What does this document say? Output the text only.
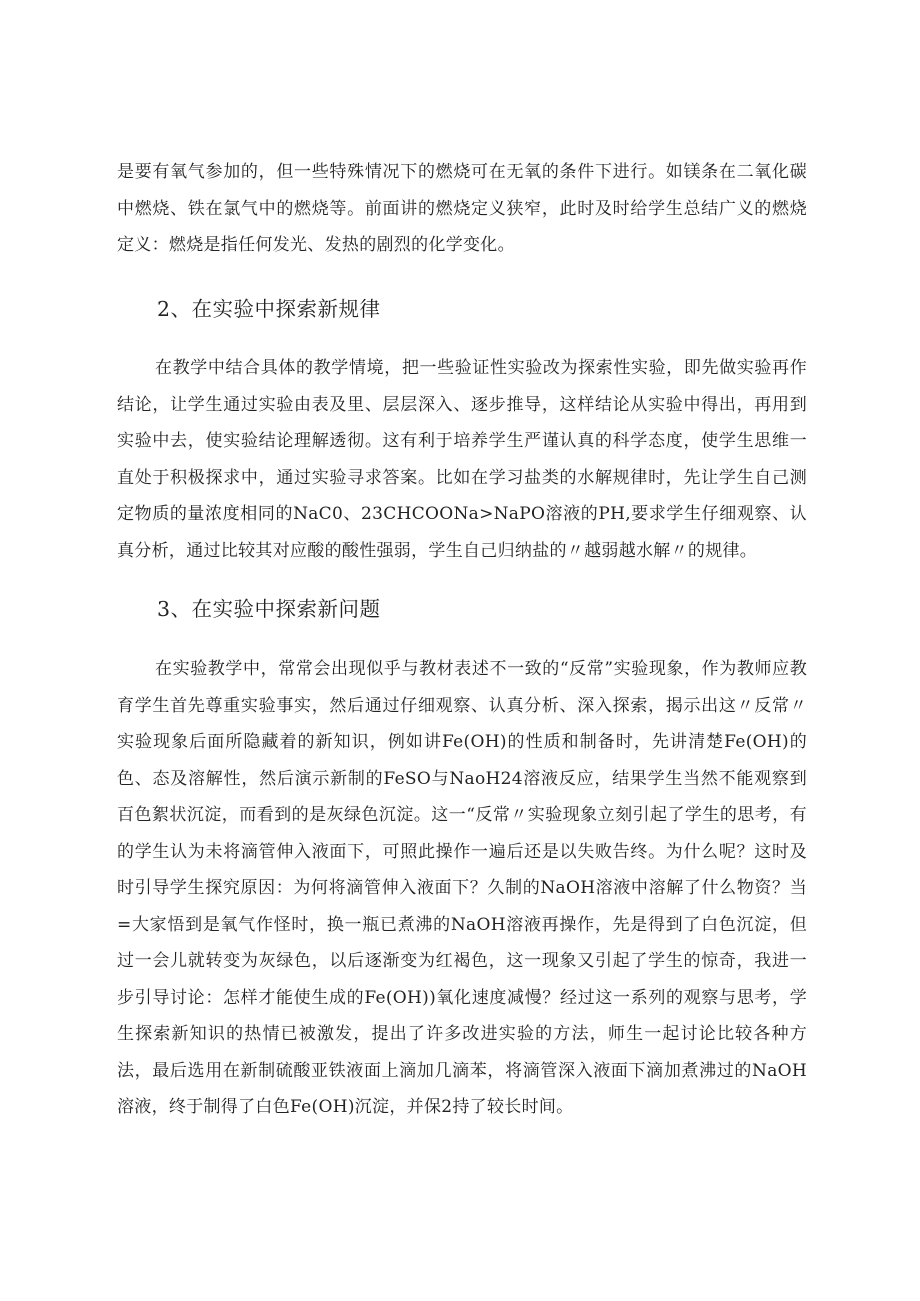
是要有氧气参加的，但一些特殊情况下的燃烧可在无氧的条件下进行。如镁条在二氧化碳中燃烧、铁在氯气中的燃烧等。前面讲的燃烧定义狭窄，此时及时给学生总结广义的燃烧定义：燃烧是指任何发光、发热的剧烈的化学变化。

2、在实验中探索新规律

在教学中结合具体的教学情境，把一些验证性实验改为探索性实验，即先做实验再作结论，让学生通过实验由表及里、层层深入、逐步推导，这样结论从实验中得出，再用到实验中去，使实验结论理解透彻。这有利于培养学生严谨认真的科学态度，使学生思维一直处于积极探求中，通过实验寻求答案。比如在学习盐类的水解规律时，先让学生自己测定物质的量浓度相同的NaC0、23CHCOONa>NaPO溶液的PH,要求学生仔细观察、认真分析，通过比较其对应酸的酸性强弱，学生自己归纳盐的〃越弱越水解〃的规律。

3、在实验中探索新问题

在实验教学中，常常会出现似乎与教材表述不一致的“反常”实验现象，作为教师应教育学生首先尊重实验事实，然后通过仔细观察、认真分析、深入探索，揭示出这〃反常〃实验现象后面所隐藏着的新知识，例如讲Fe(OH)的性质和制备时，先讲清楚Fe(OH)的色、态及溶解性，然后演示新制的FeSO与NaoH24溶液反应，结果学生当然不能观察到百色絮状沉淀，而看到的是灰绿色沉淀。这一“反常〃实验现象立刻引起了学生的思考，有的学生认为未将滴管伸入液面下，可照此操作一遍后还是以失败告终。为什么呢？这时及时引导学生探究原因：为何将滴管伸入液面下？久制的NaOH溶液中溶解了什么物资？当=大家悟到是氧气作怪时，换一瓶已煮沸的NaOH溶液再操作，先是得到了白色沉淀，但过一会儿就转变为灰绿色，以后逐渐变为红褐色，这一现象又引起了学生的惊奇，我进一步引导讨论：怎样才能使生成的Fe(OH))氧化速度减慢？经过这一系列的观察与思考，学生探索新知识的热情已被激发，提出了许多改进实验的方法，师生一起讨论比较各种方法，最后选用在新制硫酸亚铁液面上滴加几滴苯，将滴管深入液面下滴加煮沸过的NaOH溶液，终于制得了白色Fe(OH)沉淀，并保2持了较长时间。
